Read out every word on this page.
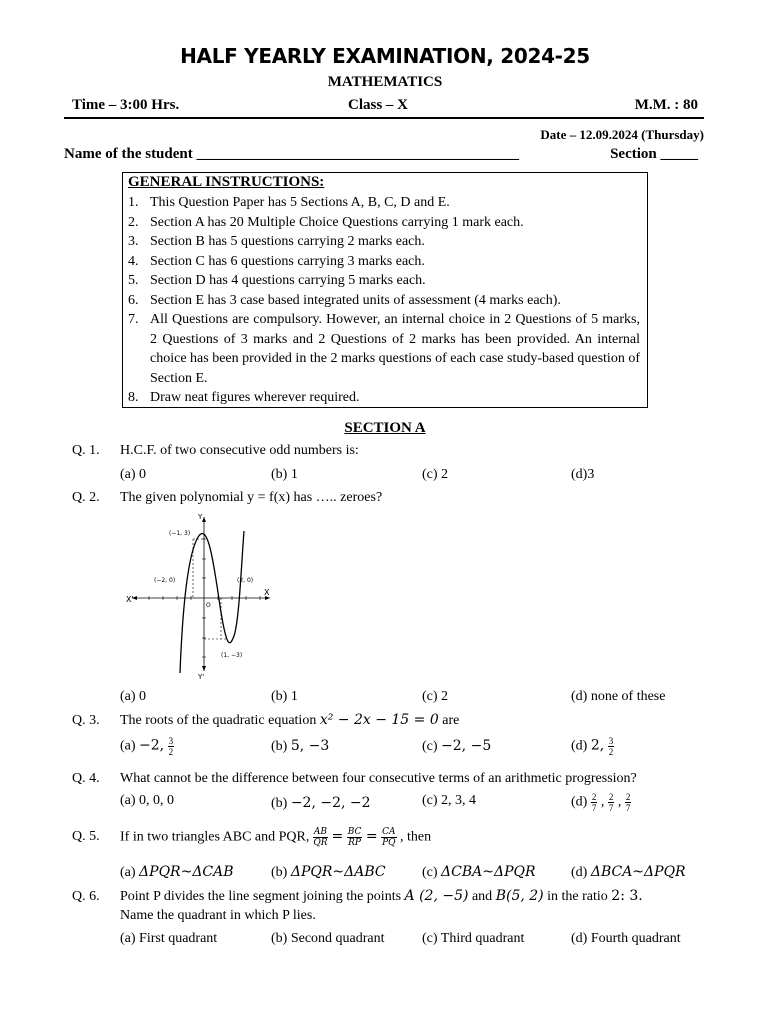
HALF YEARLY EXAMINATION, 2024-25
MATHEMATICS
Time – 3:00 Hrs.	Class – X	M.M. : 80
Date – 12.09.2024 (Thursday)
Name of the student ___________________________________________	Section _____
GENERAL INSTRUCTIONS:
1. This Question Paper has 5 Sections A, B, C, D and E.
2. Section A has 20 Multiple Choice Questions carrying 1 mark each.
3. Section B has 5 questions carrying 2 marks each.
4. Section C has 6 questions carrying 3 marks each.
5. Section D has 4 questions carrying 5 marks each.
6. Section E has 3 case based integrated units of assessment (4 marks each).
7. All Questions are compulsory. However, an internal choice in 2 Questions of 5 marks, 2 Questions of 3 marks and 2 Questions of 2 marks has been provided. An internal choice has been provided in the 2 marks questions of each case study-based question of Section E.
8. Draw neat figures wherever required.
SECTION A
Q. 1. H.C.F. of two consecutive odd numbers is:
(a) 0	(b) 1	(c) 2	(d)3
Q. 2. The given polynomial y = f(x) has ….. zeroes?
(−1, 3)
(−2, 0)	(2, 0)
(1, −3)
O
X
X'
Y
Y'
(a) 0	(b) 1	(c) 2	(d) none of these
Q. 3. The roots of the quadratic equation x² − 2x − 15 = 0 are
(a) −2, $\frac{3}{2}$	(b) 5, −3	(c) −2, −5	(d) 2, $\frac{3}{2}$
Q. 4. What cannot be the difference between four consecutive terms of an arithmetic progression?
(a) 0, 0, 0	(b) −2, −2, −2	(c) 2, 3, 4	$(d) \frac{2}{7}$ , $\frac{2}{7}$ , $\frac{2}{7}$
Q. 5. If in two triangles ABC and PQR, $\frac{AB}{QR} = \frac{BC}{RP} = \frac{CA}{PQ}$ , then
(a) ΔPQR~ΔCAB	(b) ΔPQR~ΔABC	(c) ΔCBA~ΔPQR	(d) ΔBCA~ΔPQR
Q. 6. Point P divides the line segment joining the points A (2, −5) and B(5, 2) in the ratio 2: 3.
Name the quadrant in which P lies.
(a) First quadrant	(b) Second quadrant	(c) Third quadrant	(d) Fourth quadrant
